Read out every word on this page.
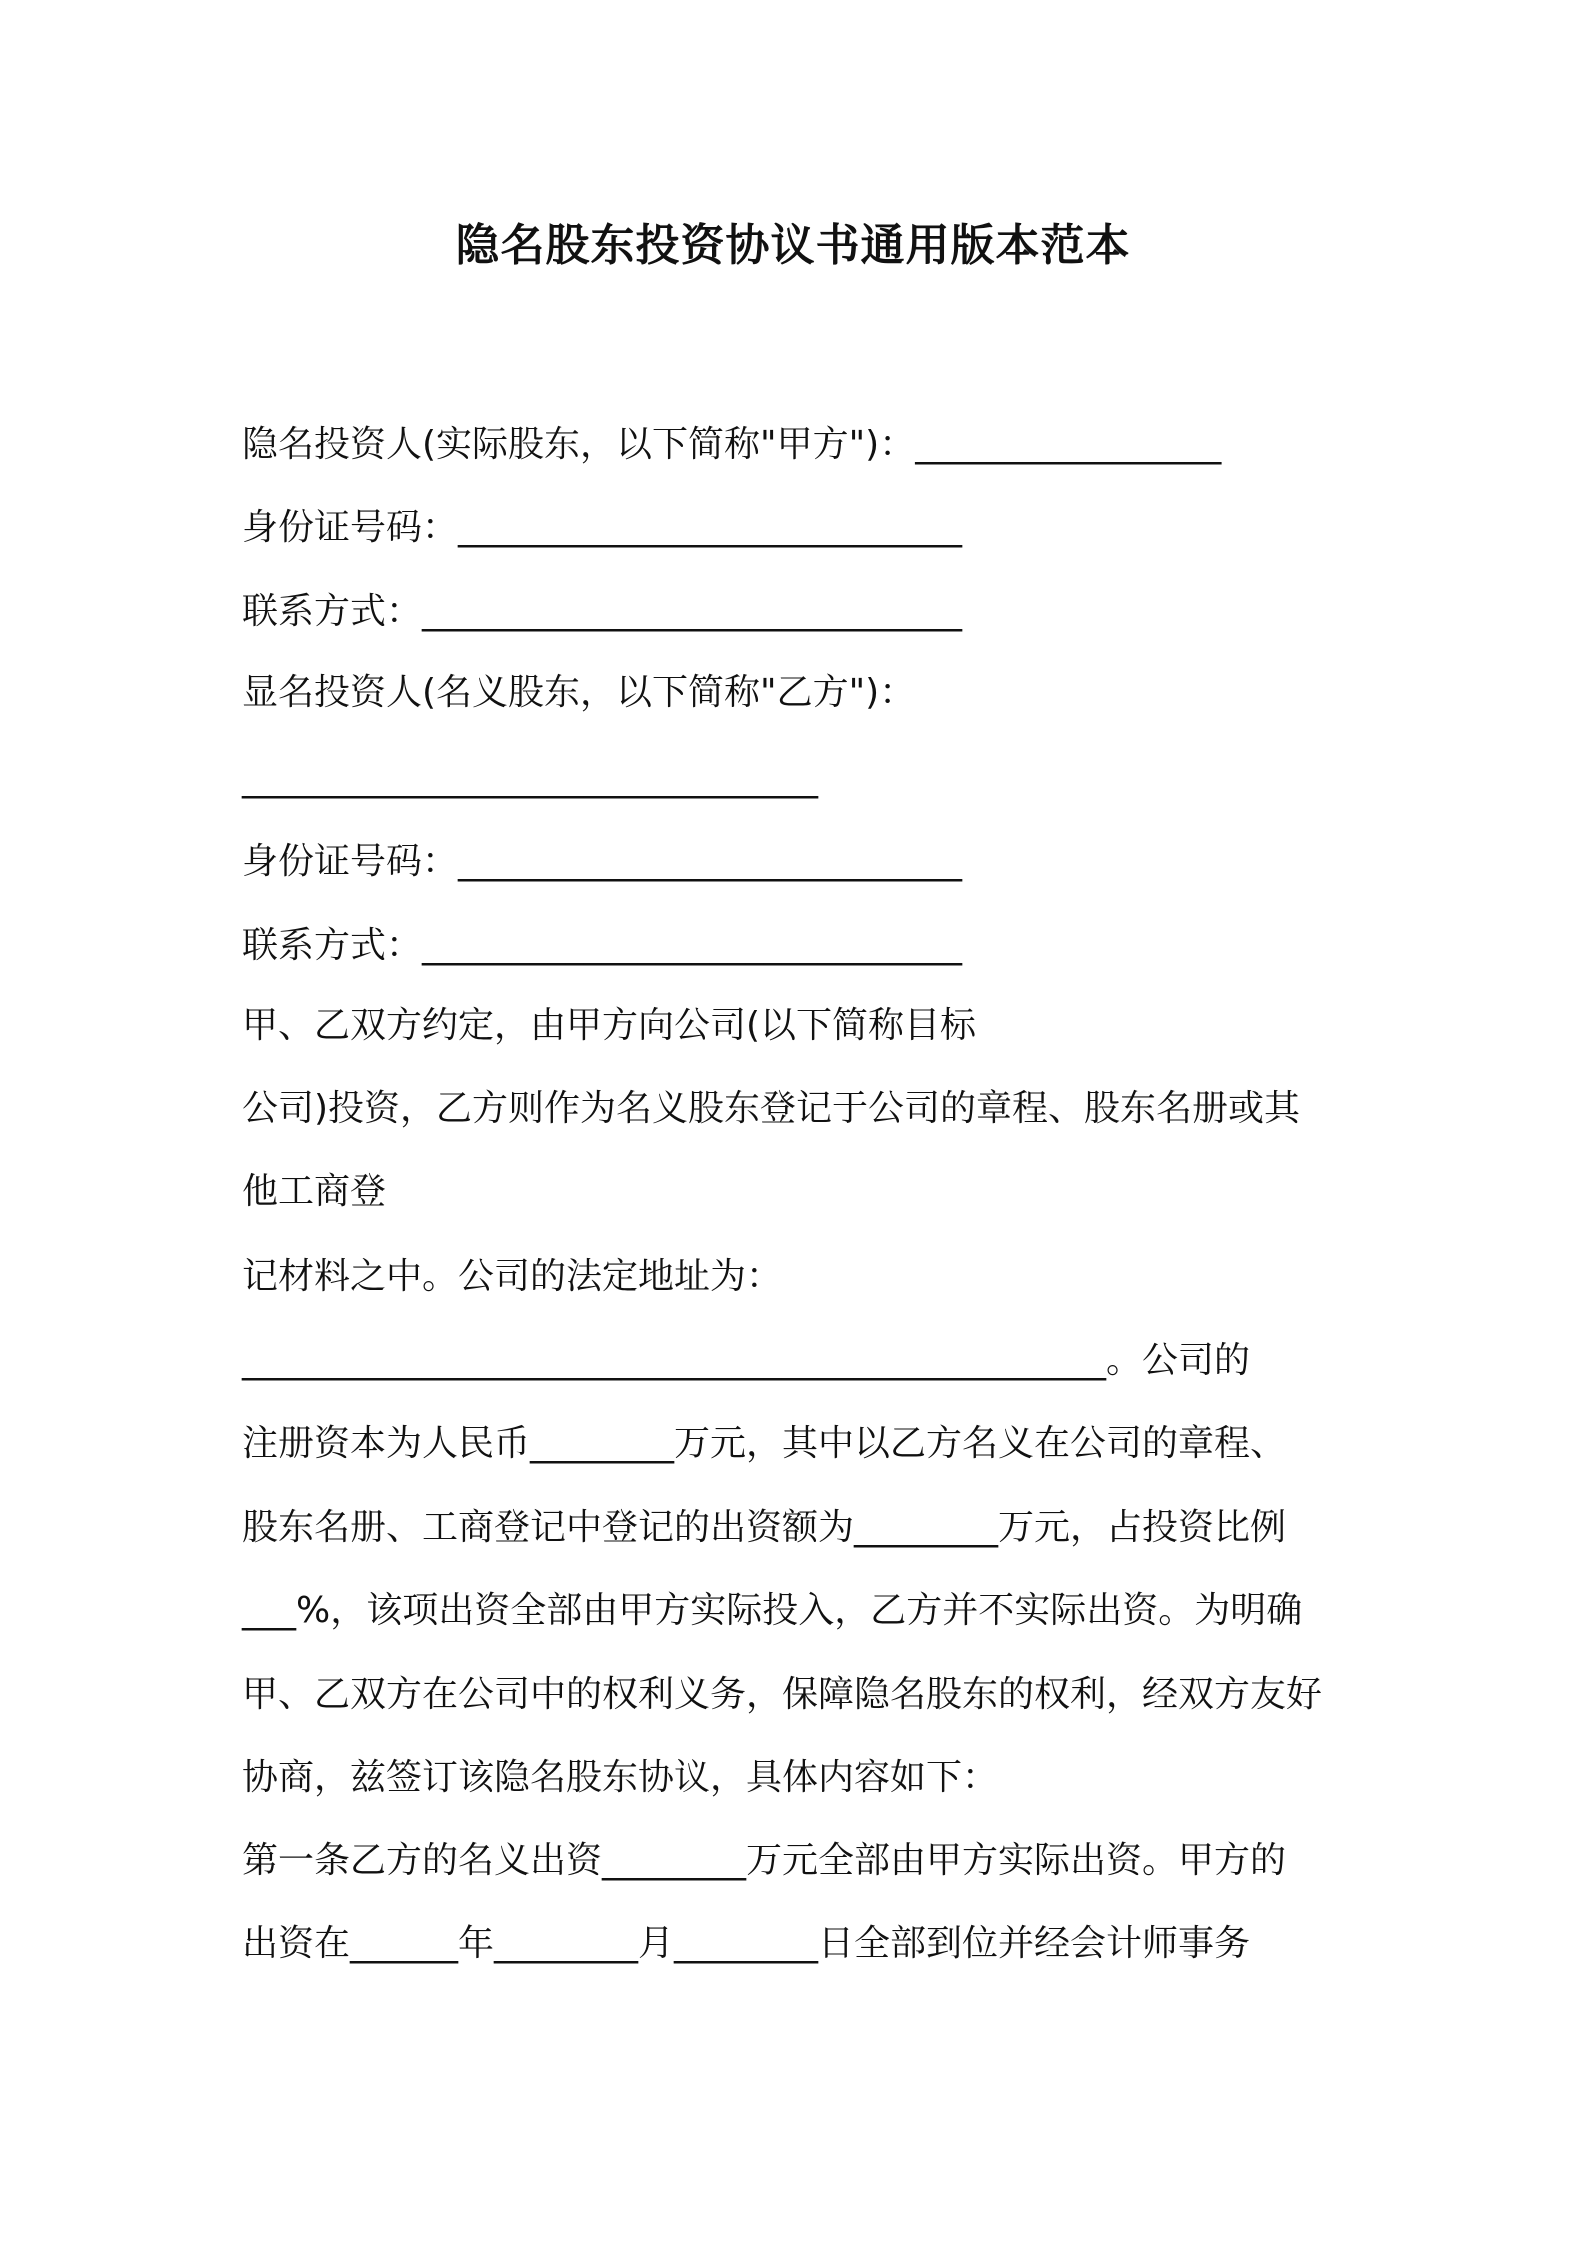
隐名股东投资协议书通用版本范本
隐名投资人(实际股东，以下简称"甲方")：_________________
身份证号码：____________________________
联系方式：______________________________
显名投资人(名义股东，以下简称"乙方")：
________________________________
身份证号码：____________________________
联系方式：______________________________
甲、乙双方约定，由甲方向公司(以下简称目标
公司)投资，乙方则作为名义股东登记于公司的章程、股东名册或其
他工商登
记材料之中。公司的法定地址为：
________________________________________________。公司的
注册资本为人民币________万元，其中以乙方名义在公司的章程、
股东名册、工商登记中登记的出资额为________万元，占投资比例
___%，该项出资全部由甲方实际投入，乙方并不实际出资。为明确
甲、乙双方在公司中的权利义务，保障隐名股东的权利，经双方友好
协商，兹签订该隐名股东协议，具体内容如下：
第一条乙方的名义出资________万元全部由甲方实际出资。甲方的
出资在______年________月________日全部到位并经会计师事务
